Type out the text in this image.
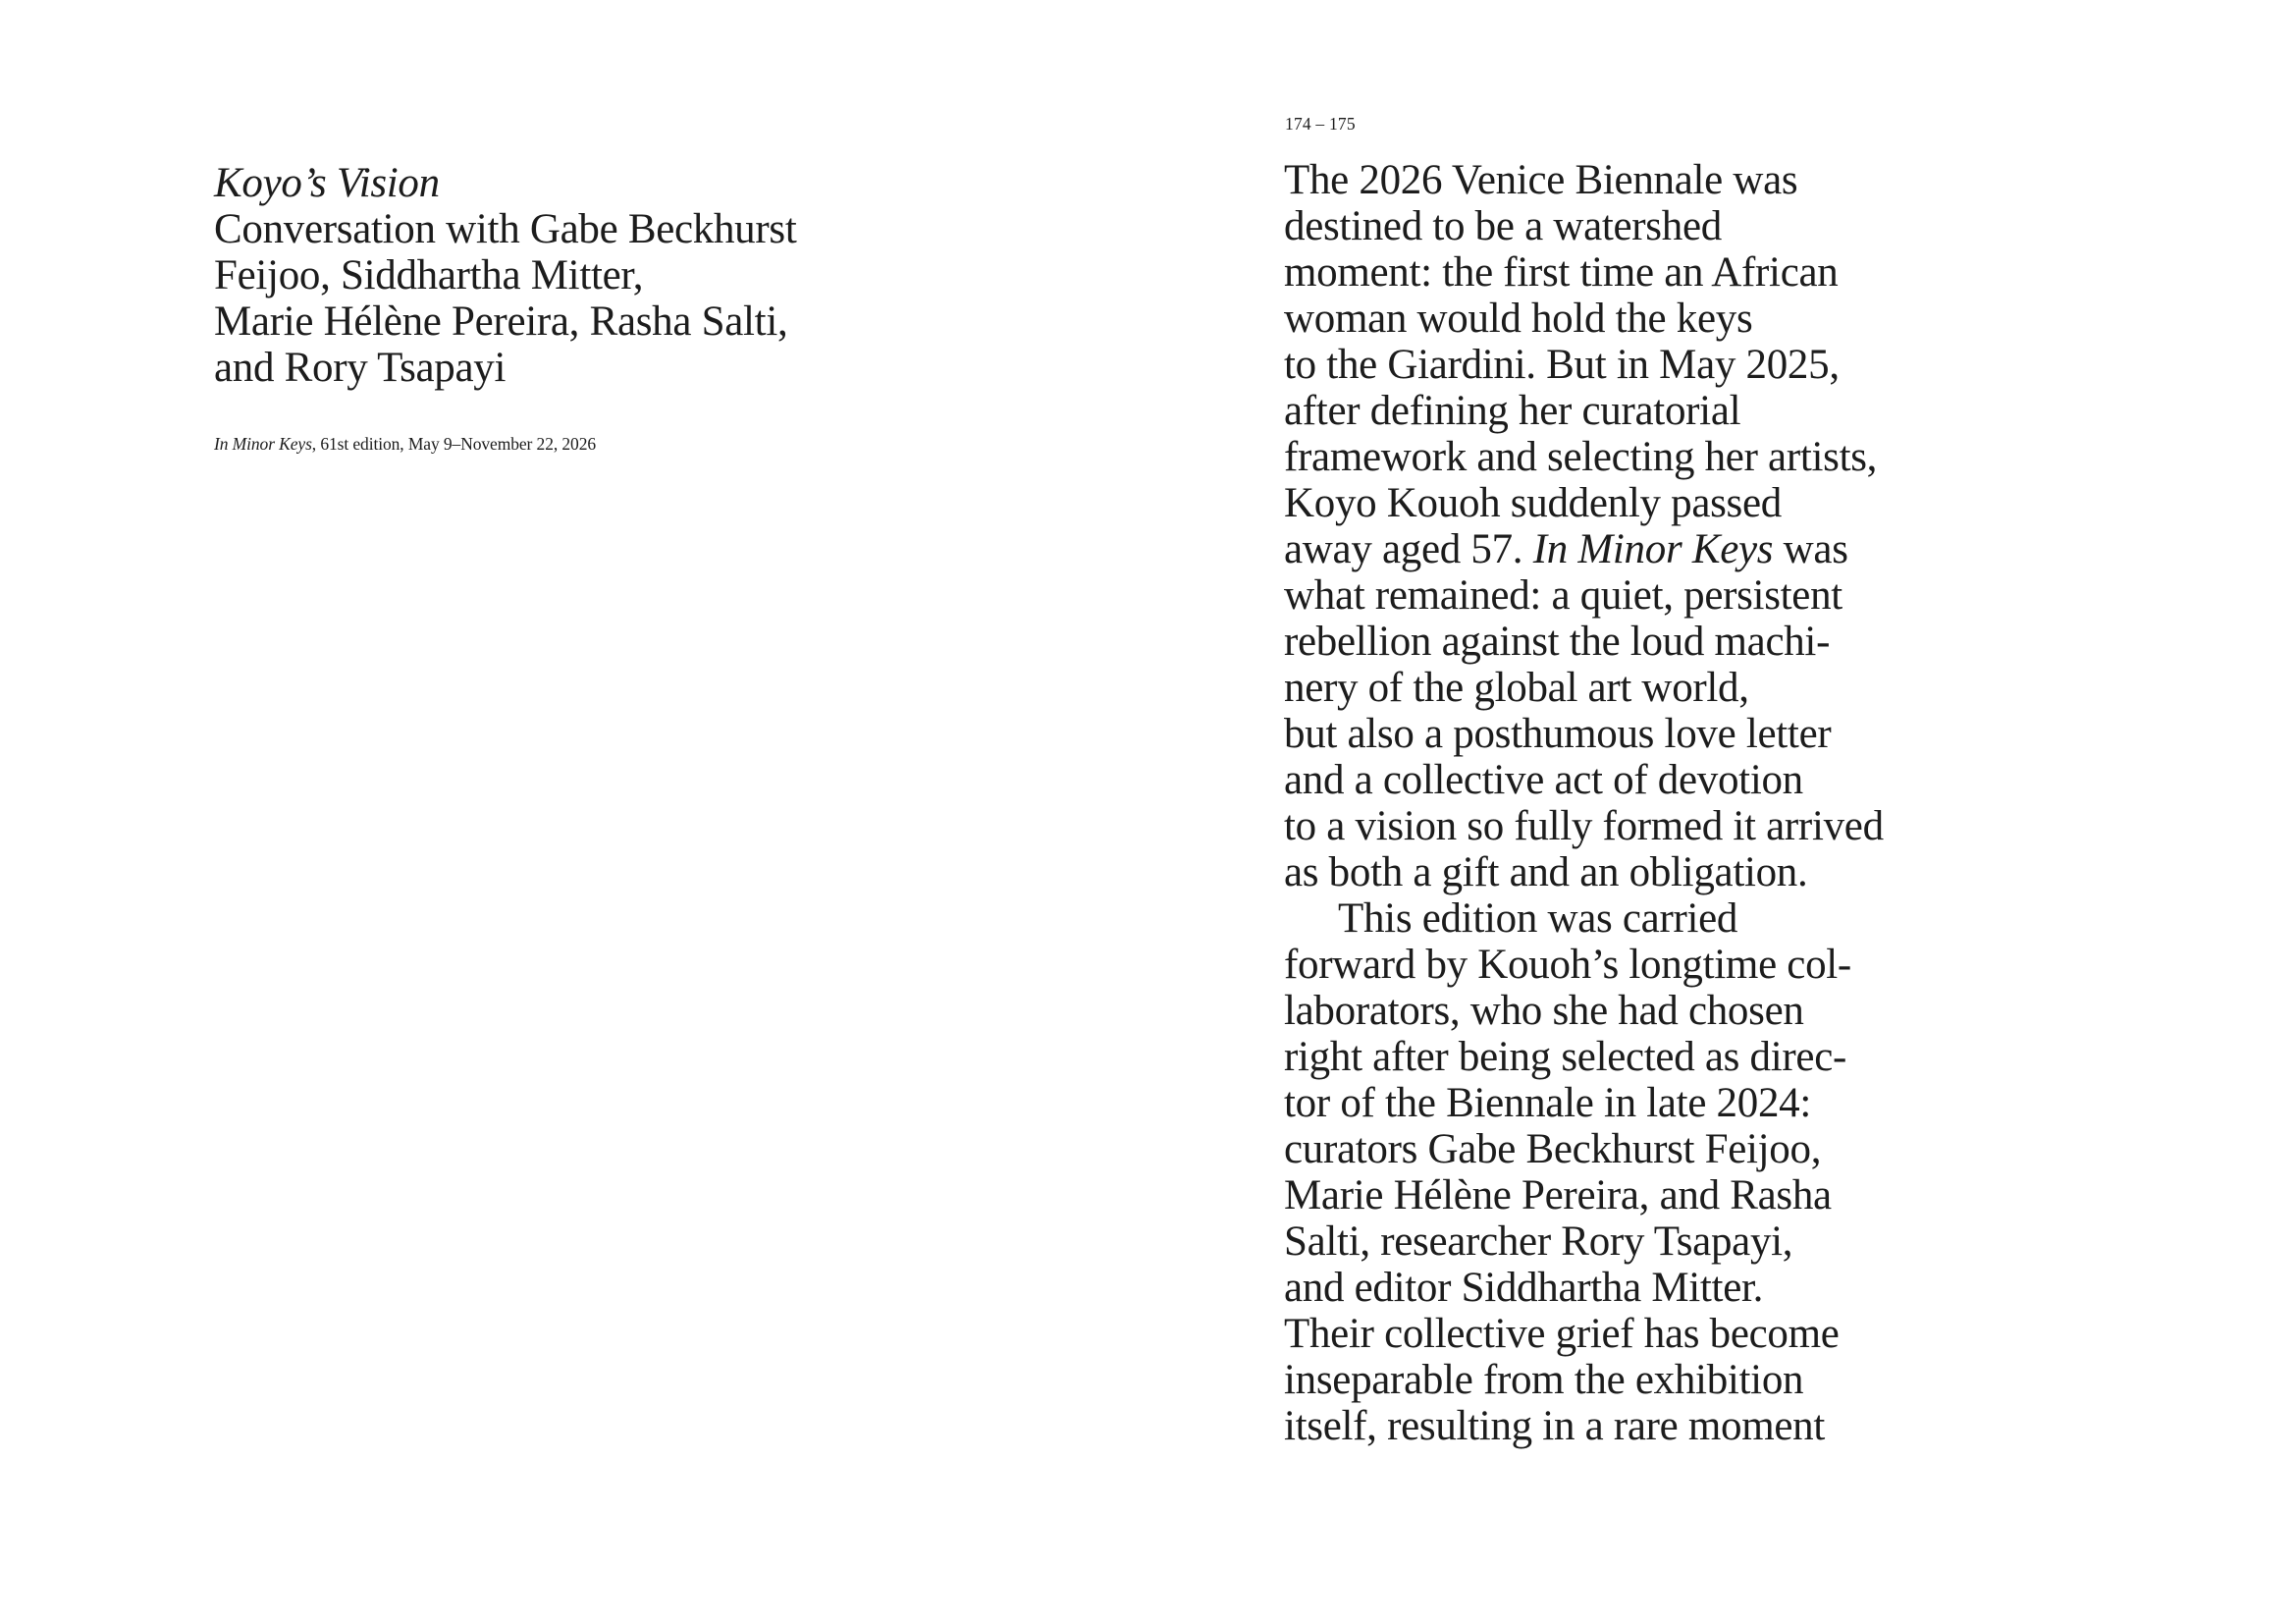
Koyo’s Vision
Conversation with Gabe Beckhurst
Feijoo, Siddhartha Mitter,
Marie Hélène Pereira, Rasha Salti,
and Rory Tsapayi

In Minor Keys, 61st edition, May 9–November 22, 2026

174 – 175
The 2026 Venice Biennale was
destined to be a watershed
moment: the first time an African
woman would hold the keys
to the Giardini. But in May 2025,
after defining her curatorial
framework and selecting her artists,
Koyo Kouoh suddenly passed
away aged 57. In Minor Keys was
what remained: a quiet, persistent
rebellion against the loud machi-
nery of the global art world,
but also a posthumous love letter
and a collective act of devotion
to a vision so fully formed it arrived
as both a gift and an obligation.
This edition was carried
forward by Kouoh’s longtime col-
laborators, who she had chosen
right after being selected as direc-
tor of the Biennale in late 2024:
curators Gabe Beckhurst Feijoo,
Marie Hélène Pereira, and Rasha
Salti, researcher Rory Tsapayi,
and editor Siddhartha Mitter.
Their collective grief has become
inseparable from the exhibition
itself, resulting in a rare moment
